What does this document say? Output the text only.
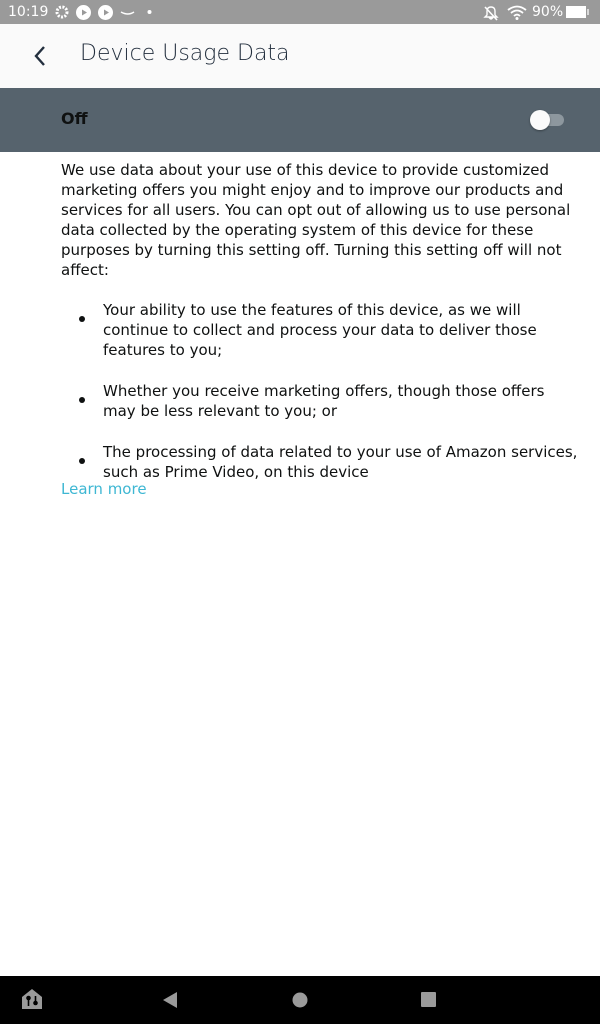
10:19	90%
Device Usage Data
Off

We use data about your use of this device to provide customized marketing offers you might enjoy and to improve our products and services for all users. You can opt out of allowing us to use personal data collected by the operating system of this device for these purposes by turning this setting off. Turning this setting off will not affect:

Your ability to use the features of this device, as we will continue to collect and process your data to deliver those features to you;
Whether you receive marketing offers, though those offers may be less relevant to you; or
The processing of data related to your use of Amazon services, such as Prime Video, on this device
Learn more
